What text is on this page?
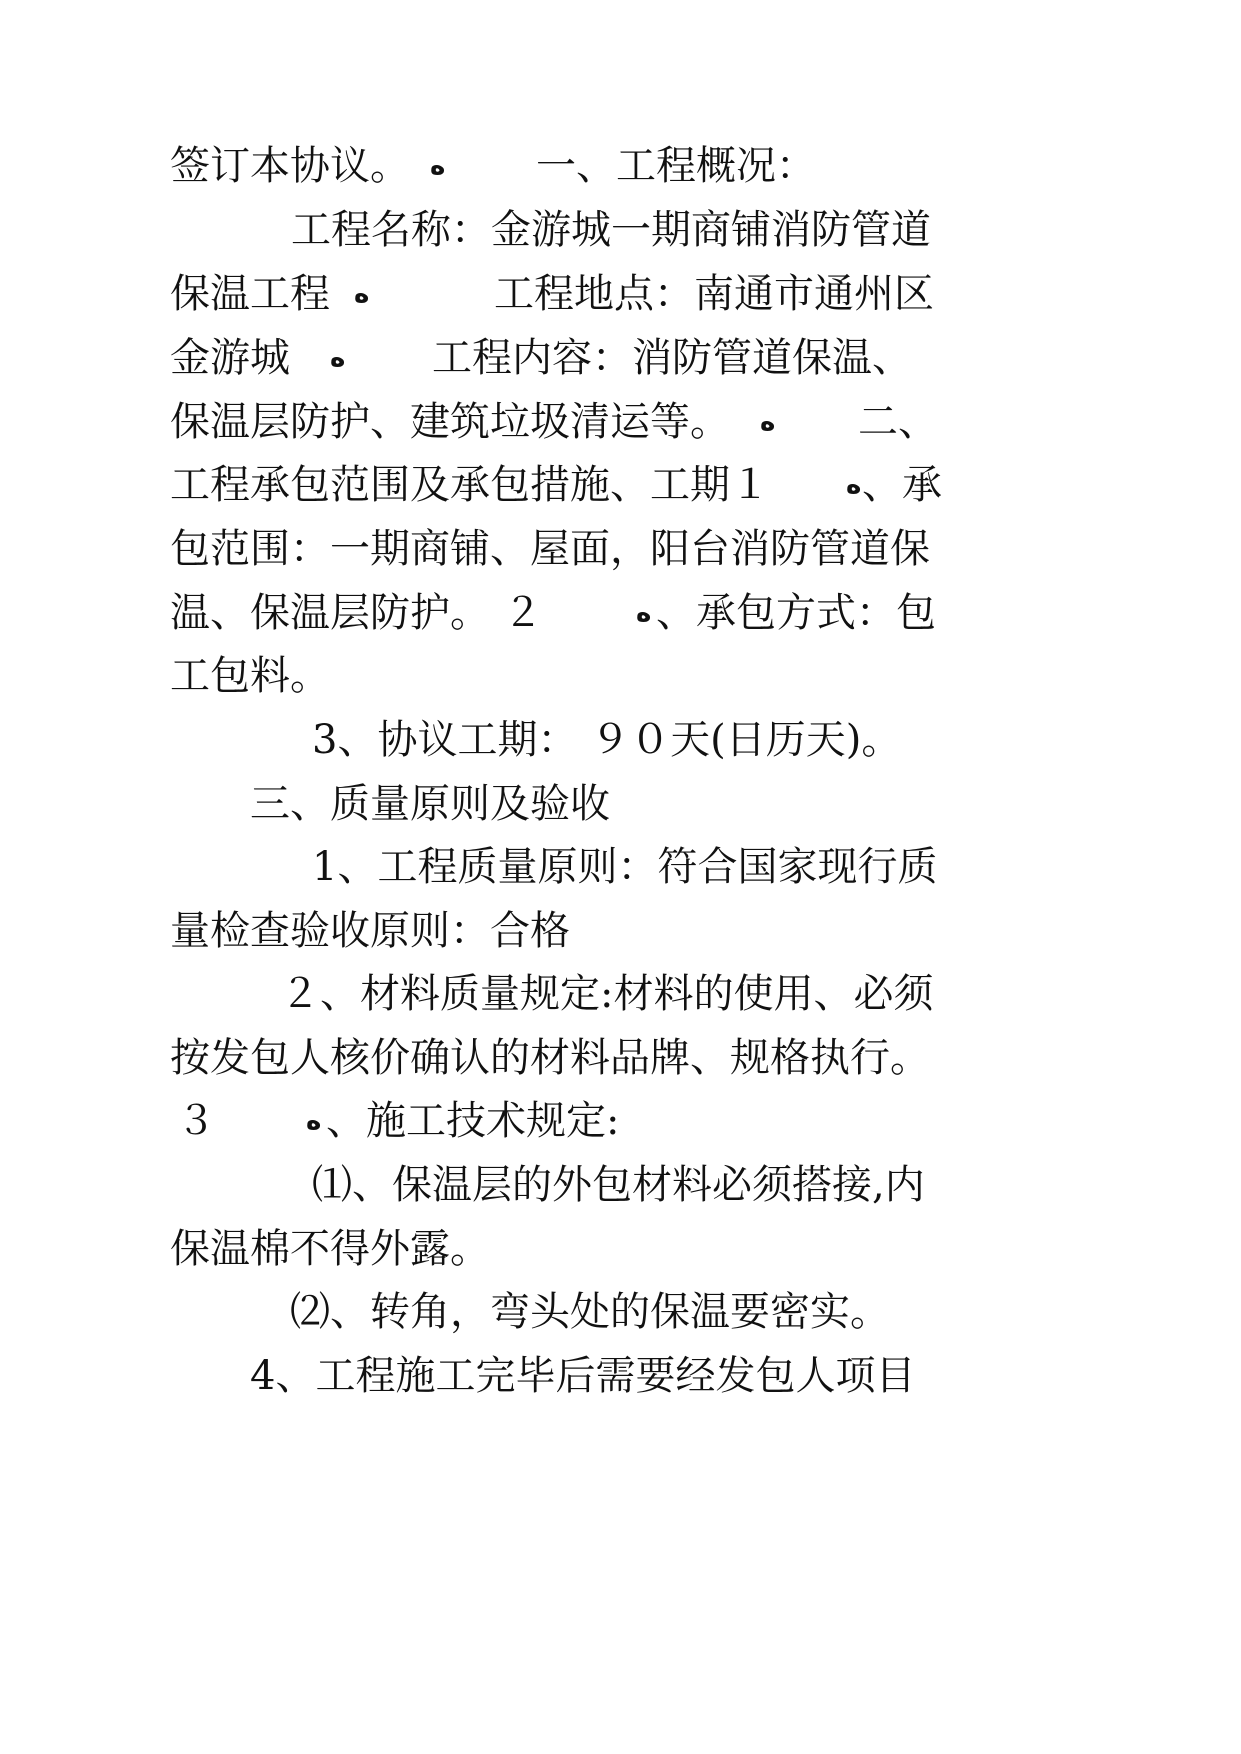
签订本协议。 ﻩ 一、工程概况：
工程名称：金游城一期商铺消防管道
保温工程 ﻩ	工程地点：南通市通州区
金游城 ﻩ 工程内容：消防管道保温、
保温层防护、建筑垃圾清运等。 ﻩ 二、
工程承包范围及承包措施、工期１	ﻩ 、承
包范围：一期商铺、屋面，阳台消防管道保
温、保温层防护。 ２	ﻩ 、承包方式：包
工包料。
3、协议工期： ９０天(日历天)。
三、质量原则及验收
1、工程质量原则：符合国家现行质
量检查验收原则：合格
２、材料质量规定:材料的使用、必须
按发包人核价确认的材料品牌、规格执行。
３	ﻩ 、施工技术规定:
⑴、保温层的外包材料必须搭接,内
保温棉不得外露。
⑵、转角，弯头处的保温要密实。
4、工程施工完毕后需要经发包人项目
